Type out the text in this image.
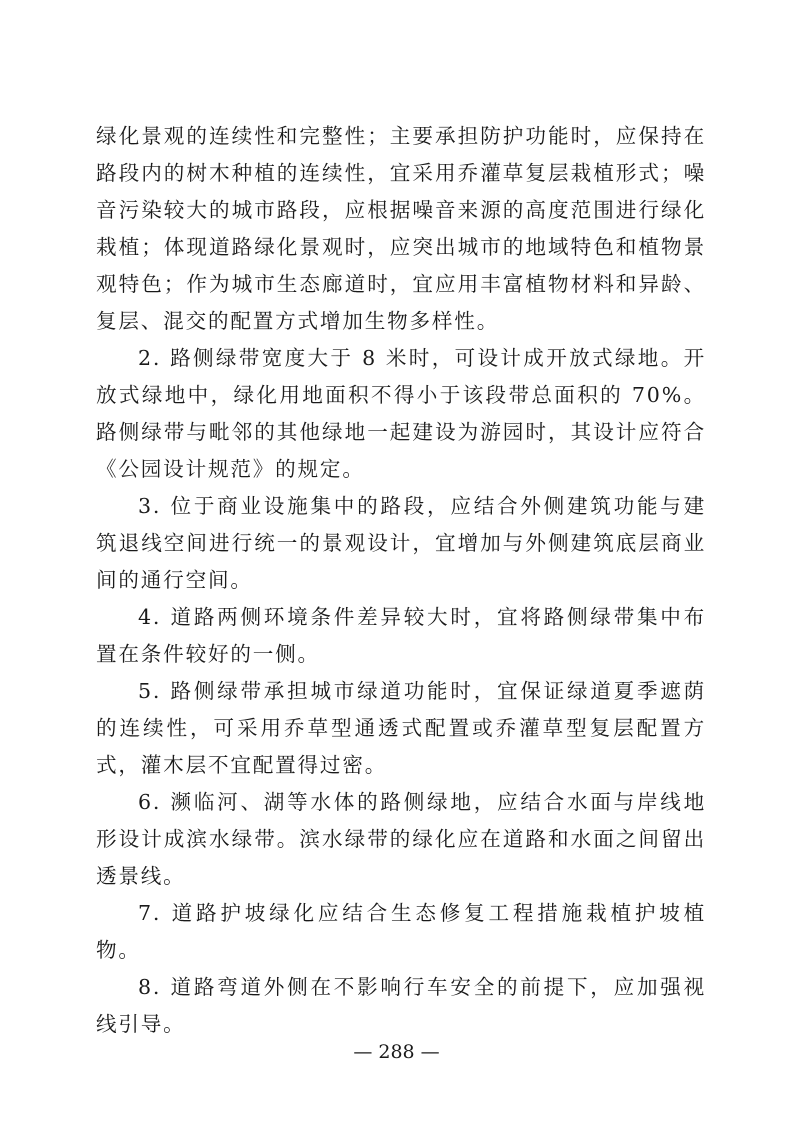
绿化景观的连续性和完整性；主要承担防护功能时，应保持在路段内的树木种植的连续性，宜采用乔灌草复层栽植形式；噪音污染较大的城市路段，应根据噪音来源的高度范围进行绿化栽植；体现道路绿化景观时，应突出城市的地域特色和植物景观特色；作为城市生态廊道时，宜应用丰富植物材料和异龄、复层、混交的配置方式增加生物多样性。

2. 路侧绿带宽度大于 8 米时，可设计成开放式绿地。开放式绿地中，绿化用地面积不得小于该段带总面积的 70%。路侧绿带与毗邻的其他绿地一起建设为游园时，其设计应符合《公园设计规范》的规定。

3. 位于商业设施集中的路段，应结合外侧建筑功能与建筑退线空间进行统一的景观设计，宜增加与外侧建筑底层商业间的通行空间。

4. 道路两侧环境条件差异较大时，宜将路侧绿带集中布置在条件较好的一侧。

5. 路侧绿带承担城市绿道功能时，宜保证绿道夏季遮荫的连续性，可采用乔草型通透式配置或乔灌草型复层配置方式，灌木层不宜配置得过密。

6. 濒临河、湖等水体的路侧绿地，应结合水面与岸线地形设计成滨水绿带。滨水绿带的绿化应在道路和水面之间留出透景线。

7. 道路护坡绿化应结合生态修复工程措施栽植护坡植物。

8. 道路弯道外侧在不影响行车安全的前提下，应加强视线引导。

— 288 —
